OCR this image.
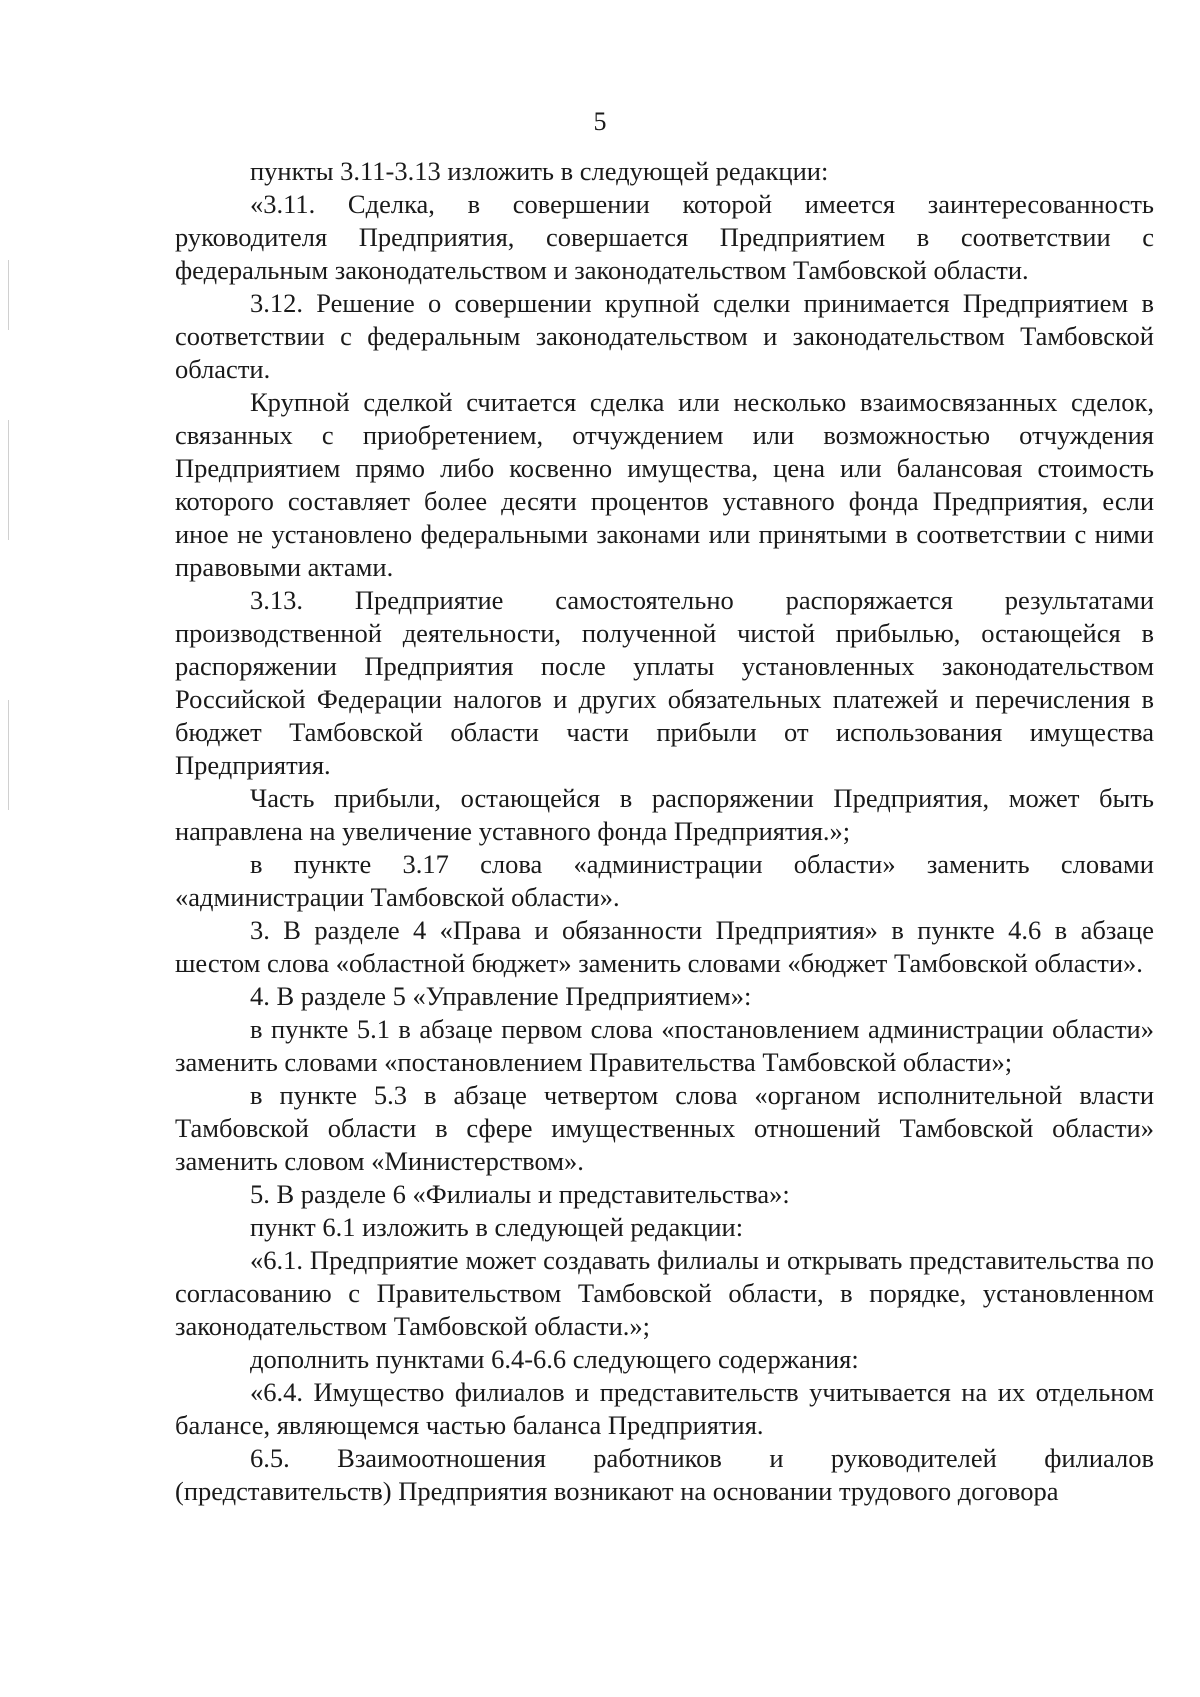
5

пункты 3.11-3.13 изложить в следующей редакции:

«3.11. Сделка, в совершении которой имеется заинтересованность руководителя Предприятия, совершается Предприятием в соответствии с федеральным законодательством и законодательством Тамбовской области.

3.12. Решение о совершении крупной сделки принимается Предприятием в соответствии с федеральным законодательством и законодательством Тамбовской области.

Крупной сделкой считается сделка или несколько взаимосвязанных сделок, связанных с приобретением, отчуждением или возможностью отчуждения Предприятием прямо либо косвенно имущества, цена или балансовая стоимость которого составляет более десяти процентов уставного фонда Предприятия, если иное не установлено федеральными законами или принятыми в соответствии с ними правовыми актами.

3.13. Предприятие самостоятельно распоряжается результатами производственной деятельности, полученной чистой прибылью, остающейся в распоряжении Предприятия после уплаты установленных законодательством Российской Федерации налогов и других обязательных платежей и перечисления в бюджет Тамбовской области части прибыли от использования имущества Предприятия.

Часть прибыли, остающейся в распоряжении Предприятия, может быть направлена на увеличение уставного фонда Предприятия.»;

в пункте 3.17 слова «администрации области» заменить словами «администрации Тамбовской области».

3. В разделе 4 «Права и обязанности Предприятия» в пункте 4.6 в абзаце шестом слова «областной бюджет» заменить словами «бюджет Тамбовской области».

4. В разделе 5 «Управление Предприятием»:

в пункте 5.1 в абзаце первом слова «постановлением администрации области» заменить словами «постановлением Правительства Тамбовской области»;

в пункте 5.3 в абзаце четвертом слова «органом исполнительной власти Тамбовской области в сфере имущественных отношений Тамбовской области» заменить словом «Министерством».

5. В разделе 6 «Филиалы и представительства»:

пункт 6.1 изложить в следующей редакции:

«6.1. Предприятие может создавать филиалы и открывать представительства по согласованию с Правительством Тамбовской области, в порядке, установленном законодательством Тамбовской области.»;

дополнить пунктами 6.4-6.6 следующего содержания:

«6.4. Имущество филиалов и представительств учитывается на их отдельном балансе, являющемся частью баланса Предприятия.

6.5. Взаимоотношения работников и руководителей филиалов (представительств) Предприятия возникают на основании трудового договора
